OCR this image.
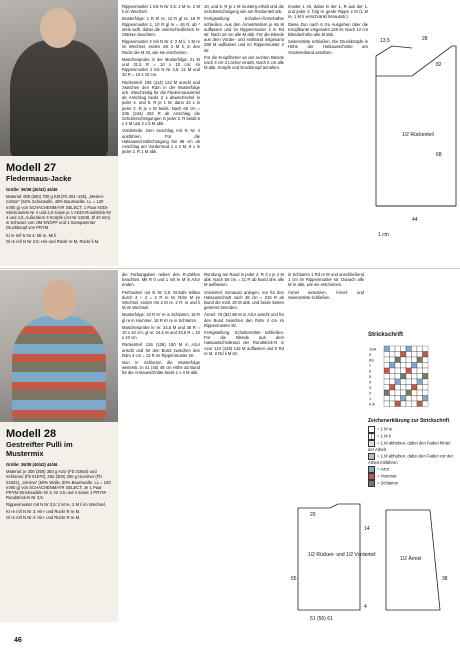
Modell 27
Fledermaus-Jacke

Größe: 36/38 (40/42) 44/46

Material: 600 (650) 700 g Kitt (Fb 261–125), „Merino-Cotton" (52% Schurwolle, 48% Baumwolle, LL = 120 m/50 g) von SCHACHENMAYR SELECT, 1 Paar ADDI-Stricknadeln Nr 4 und 4,5 sowie je 1 ADDI-Rundstrick-Nr 4 und 4,5, Außerdem 3 Knöpfe (Art-Nr 11840, Ø 40 mm) in Schwarz von JIM KNOPF und 1 transparenter Druckknopf von PRYM.

Kl re m/l N Nr 4: Mi re, Mi li.

Gl re m/l N Nr 4,5: Hin-und Rückr re M, Rückr li M.

Rippenmuster 1 mit N Nr 4,5: 2 M re, 2 M li im Wechsel.

Musterfolge: 1 R Kl re, 10 R gl re, 18 R Rippenmuster 1, 10 R gl re = 46 R, ab * stets wdh, dabei die unterschiedlichen N-Stärken beachten.

Rippenmuster 2 mit N Nr 4: 2 M li, 1 M re im Wechsel, enden mit 2 M li, in den Rückr die M str, wie sie erscheinen.

Maschenprobe in der Musterfolge: 21 M und 31,5 R = 10 x 10 cm; im Rippenmuster 1 mit N Nr 4,5: 21 M und 32 R = 10 x 10 cm.

Rückenteil: 106 (114) 122 M anschl und zwischen den Rdm in der Musterfolge arb. Gleichzeitig für die Fledermausärmel ab Anschlag beids 2 x abwechselnd in jeder 4. und 6. R je 1 M, dann 43 x in jeder 2. R je 1 M beids. Nach 68 cm = 236 (244) 252 R ab Anschlag die Schulterschrägungen in jeder 2. R beids 6 x 4 M und 2 x 5 M abk.

Vorderteile: Den Anschlag mit N Nr 4 ausführen. Für die Halsausschnittschrägung bei 88 cm ab Anschlag am Vorderrand 1 x 2 M, 8 x in jeder 2. R 1 M abk.

10, und 5. R je 1 M musterg erhalt und die Schulterschrägung wie am Rückenteil arb.

Fertigstellung: Schulter-/Ärmelnähte schließen. Aus den Ärmelrändern je 66 M auffassen und im Rippenmuster 2 in Rd str. Nach 15 cm alle M abk. Für die Blende aus dem Vorder- und Halsrand insgesamt 298 M auffassen und im Rippenmuster 2 str.

Für die Knopflöcher an der rechten Blende nach 3 cm 3 Löcher einarb. Nach 6 cm alle M abk. Knöpfe und Druckknopf annähen.

muster 1 str, dabei in der 1. R aus der 1. und jeder 2. folg re gerde Rippe 2 M (1 M re, 1 M li verschränkt herausstr.).

Diese Zun nach 6 cm Ausgehen über die Knopfkante insgesamt 126 M. Nach 12 cm Blendenhöhe alle M abk.

Seitennähte schließen. Die Druckknöpfe in Höhe der Halsausschnitte am Vorderteilrand annähen.

1/2 Rückenteil
44
13,5	28
1 cm
68
82
Modell 28
Gestreifter Pulli im Mustermix

Größe: 36/38 (40/42) 44/46

Material: je 300 (350) 350 g Azur (Fb 01654) und Schlamm (Fb 01670), 250 (300) 300 g Hummer (Fb 01602), „Vienna" (50% Wolle, 50% Baumwolle, LL = 100 m/50 g) von SCHACHENMAYR SELECT, Je 1 Paar PRYM-Stricknadeln Nr 3, Nr 3,5 und 4 sowie 1 PRYM-Rundstrick-N Nr 3,5.

Rippenmuster mit N Nr 3,5: 2 M re, 2 M li im Wechsel.

Kr re m/l N Nr 3: Hin- und Rückr R re M.

Gl re m/l N Nr 4: Hin- und Rückr R re M.

die Farbangaben neben den R-Zahlen beachten. Mit R 0 und 1 mit re M in Azur enden.

Perlmuster mit N Nr 3,5: M-Zahl teilbar durch 4 + 2 = 2 R re M. Rdm M im Wechsel, enden mit 2 M re. 2 R: re und li M im Wechsel.

Musterfolge: 10 R Kr re in Schlamm, 16 R gl re in Hummer, 18 R Kr re in Schlamm.

Maschenprobe kr re: 24,5 M und 45 R = 10 x 10 cm; gl re: 24,5 M und 33,5 R = 10 x 10 cm.

Rückenteil: 126 (138) 150 M in Azur anschl und für den Bund zwischen den Rdm 4 cm = 13 R im Rippenmuster str.

Nun in Schlamm die Musterfolge weiterstr. In 41 (45) 49 cm Höhe ab Bund für die Armausschnitte beids 1 x 4 M abk.

Rundung am Rand in jeder 2. R 3 x je 2 M abk. Nach 55 cm = 21 R ab Bund drei alle M auffassen.

Vorderteil: Genauso anlegen, nur für den Halsausschnitt nach 48 cm = 215 R ab Bund die mittl. 20 M abk. und beide Seiten getrennt beenden.

Ärmel: 76 (82) 86 M in Azur anschl und für den Bund zwischen den Rdm 4 cm im Rippenmuster str.

Fertigstellung: Schulternähte schließen. Für die Blende aus dem Halsausschnittrand der Rundstrick-N in Azur 124 (128) 132 M auffassen und 5 Rd re M, 2 Rd li M str.

in Schlamm 1 Rd re M und anschließend 1 cm im Rippenmuster str. Danach alle M re abk, wie sie erscheinen.

Ärmel einsetzen, Ärmel- und Seitennähte schließen.

Strickschrift
10A
9
8S
7
6
5
4
3
2
1
0 A
Zeichenerklärung zur Strickschrift
= 1 M re
= 1 M li
= 1 M abheben, dabei den Faden hinter der Arbeit
= 1 M abheben, dabei den Faden vor der Arbeit mitführen
= Azur
= Hummer
= Schlamm
1/2 Rücken- und 1/2 Vorderteil
1/2 Ärmel
4
14
20
55	38
51 (56) 61
46
